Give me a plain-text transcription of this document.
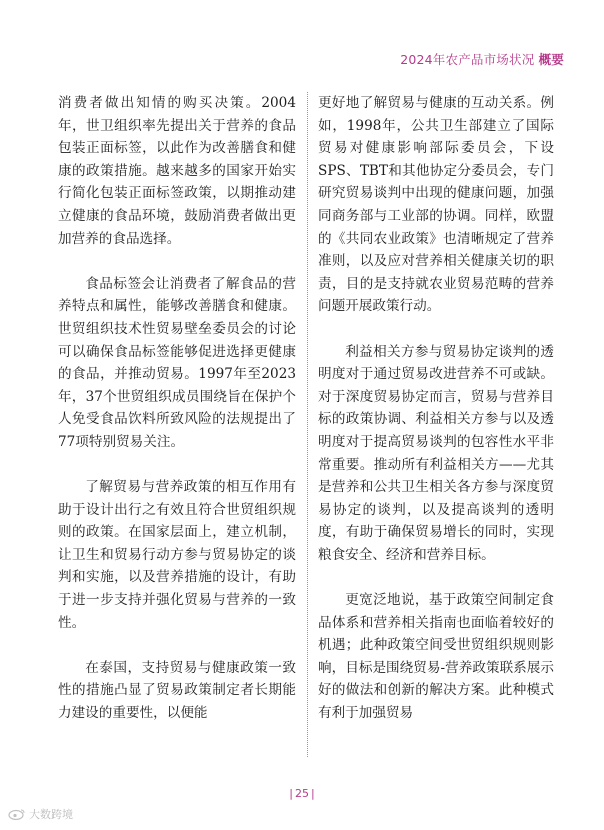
2024年农产品市场状况 概要

消费者做出知情的购买决策。2004年，世卫组织率先提出关于营养的食品包装正面标签，以此作为改善膳食和健康的政策措施。越来越多的国家开始实行简化包装正面标签政策，以期推动建立健康的食品环境，鼓励消费者做出更加营养的食品选择。

食品标签会让消费者了解食品的营养特点和属性，能够改善膳食和健康。世贸组织技术性贸易壁垒委员会的讨论可以确保食品标签能够促进选择更健康的食品，并推动贸易。1997年至2023年，37个世贸组织成员围绕旨在保护个人免受食品饮料所致风险的法规提出了77项特别贸易关注。

了解贸易与营养政策的相互作用有助于设计出行之有效且符合世贸组织规则的政策。在国家层面上，建立机制，让卫生和贸易行动方参与贸易协定的谈判和实施，以及营养措施的设计，有助于进一步支持并强化贸易与营养的一致性。

在泰国，支持贸易与健康政策一致性的措施凸显了贸易政策制定者长期能力建设的重要性，以便能

更好地了解贸易与健康的互动关系。例如，1998年，公共卫生部建立了国际贸易对健康影响部际委员会，下设SPS、TBT和其他协定分委员会，专门研究贸易谈判中出现的健康问题，加强同商务部与工业部的协调。同样，欧盟的《共同农业政策》也清晰规定了营养准则，以及应对营养相关健康关切的职责，目的是支持就农业贸易范畴的营养问题开展政策行动。

利益相关方参与贸易协定谈判的透明度对于通过贸易改进营养不可或缺。对于深度贸易协定而言，贸易与营养目标的政策协调、利益相关方参与以及透明度对于提高贸易谈判的包容性水平非常重要。推动所有利益相关方——尤其是营养和公共卫生相关各方参与深度贸易协定的谈判，以及提高谈判的透明度，有助于确保贸易增长的同时，实现粮食安全、经济和营养目标。

更宽泛地说，基于政策空间制定食品体系和营养相关指南也面临着较好的机遇；此种政策空间受世贸组织规则影响，目标是围绕贸易-营养政策联系展示好的做法和创新的解决方案。此种模式有利于加强贸易

| 25 |
大数跨境
